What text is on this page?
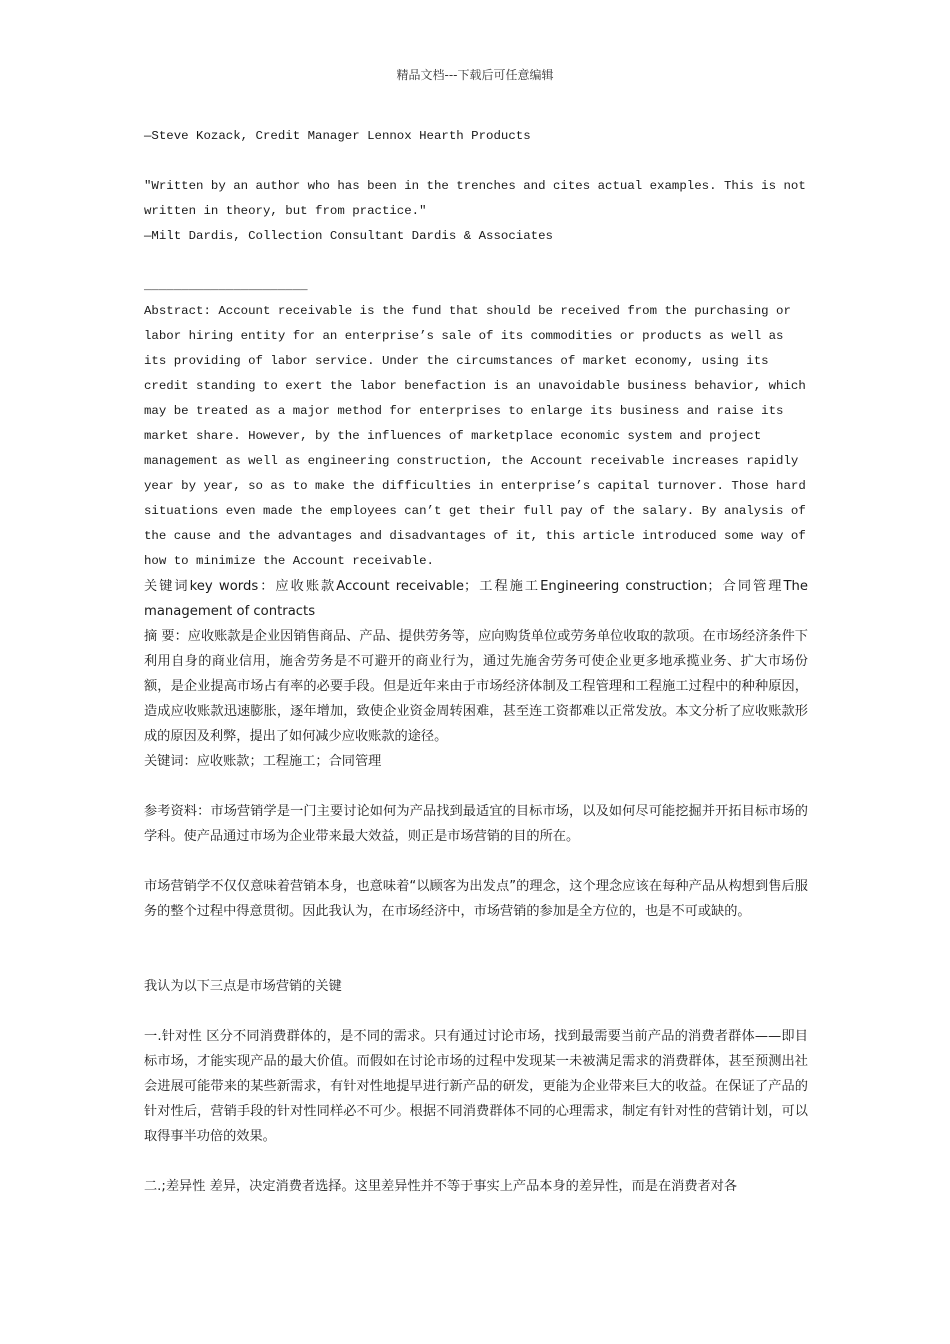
精品文档---下载后可任意编辑

—Steve Kozack, Credit Manager Lennox Hearth Products

"Written by an author who has been in the trenches and cites actual examples. This is not written in theory, but from practice."

—Milt Dardis, Collection Consultant Dardis & Associates

______________________

Abstract: Account receivable is the fund that should be received from the purchasing or labor hiring entity for an enterprise’s sale of its commodities or products as well as its providing of labor service. Under the circumstances of market economy, using its credit standing to exert the labor benefaction is an unavoidable business behavior, which may be treated as a major method for enterprises to enlarge its business and raise its market share. However, by the influences of marketplace economic system and project management as well as engineering construction, the Account receivable increases rapidly year by year, so as to make the difficulties in enterprise’s capital turnover. Those hard situations even made the employees can’t get their full pay of the salary. By analysis of the cause and the advantages and disadvantages of it, this article introduced some way of how to minimize the Account receivable.

关键词key words：应收账款Account receivable；工程施工Engineering construction；合同管理The management of contracts

摘 要：应收账款是企业因销售商品、产品、提供劳务等，应向购货单位或劳务单位收取的款项。在市场经济条件下利用自身的商业信用，施舍劳务是不可避开的商业行为，通过先施舍劳务可使企业更多地承揽业务、扩大市场份额，是企业提高市场占有率的必要手段。但是近年来由于市场经济体制及工程管理和工程施工过程中的种种原因，造成应收账款迅速膨胀，逐年增加，致使企业资金周转困难，甚至连工资都难以正常发放。本文分析了应收账款形成的原因及利弊，提出了如何减少应收账款的途径。

关键词：应收账款；工程施工；合同管理

参考资料：市场营销学是一门主要讨论如何为产品找到最适宜的目标市场，以及如何尽可能挖掘并开拓目标市场的学科。使产品通过市场为企业带来最大效益，则正是市场营销的目的所在。

市场营销学不仅仅意味着营销本身，也意味着“以顾客为出发点”的理念，这个理念应该在每种产品从构想到售后服务的整个过程中得意贯彻。因此我认为，在市场经济中，市场营销的参加是全方位的，也是不可或缺的。

我认为以下三点是市场营销的关键

一.针对性 区分不同消费群体的，是不同的需求。只有通过讨论市场，找到最需要当前产品的消费者群体——即目标市场，才能实现产品的最大价值。而假如在讨论市场的过程中发现某一未被满足需求的消费群体，甚至预测出社会进展可能带来的某些新需求，有针对性地提早进行新产品的研发，更能为企业带来巨大的收益。在保证了产品的针对性后，营销手段的针对性同样必不可少。根据不同消费群体不同的心理需求，制定有针对性的营销计划，可以取得事半功倍的效果。

二.;差异性 差异，决定消费者选择。这里差异性并不等于事实上产品本身的差异性，而是在消费者对各
